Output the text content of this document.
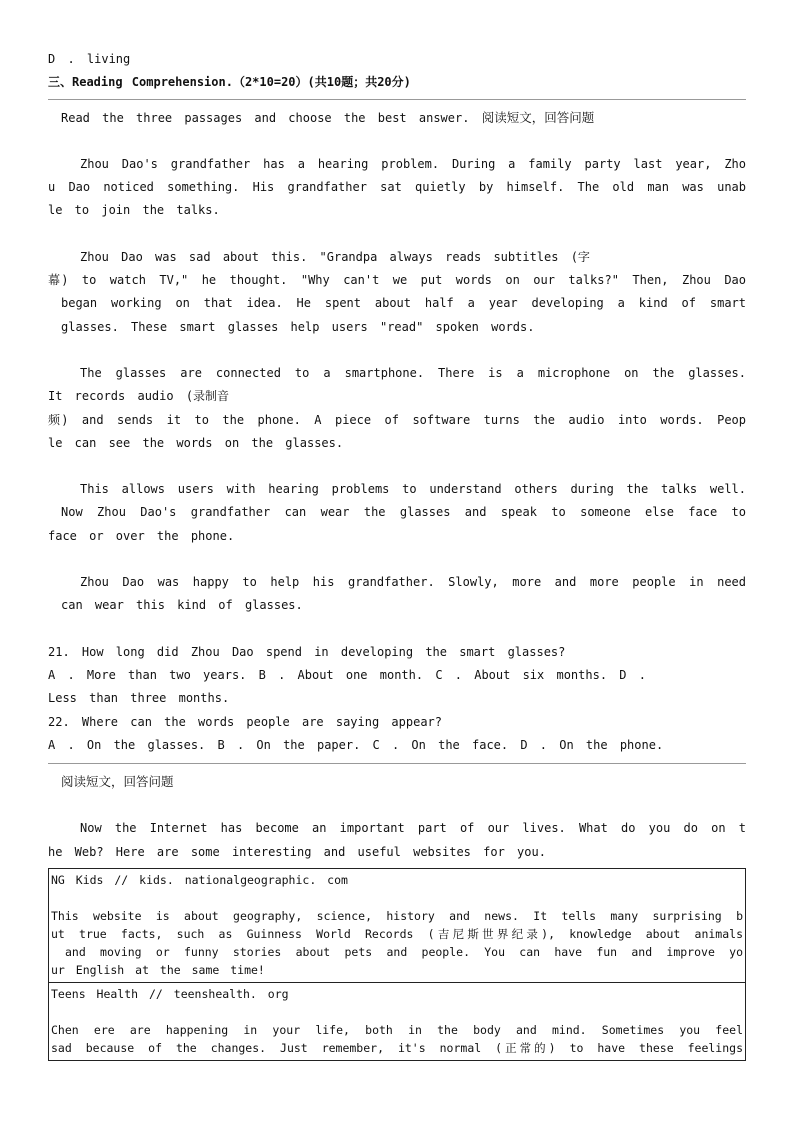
D . living
三、Reading Comprehension.（2*10=20）(共10题；共20分)
Read the three passages and choose the best answer. 阅读短文，回答问题
Zhou Dao's grandfather has a hearing problem. During a family party last year, Zho
u Dao noticed something. His grandfather sat quietly by himself. The old man was unab
le to join the talks.
Zhou Dao was sad about this. "Grandpa always reads subtitles (字
幕) to watch TV," he thought. "Why can't we put words on our talks?" Then, Zhou Dao
began working on that idea. He spent about half a year developing a kind of smart
glasses. These smart glasses help users "read" spoken words.
The glasses are connected to a smartphone. There is a microphone on the glasses.
It records audio (录制音
频) and sends it to the phone. A piece of software turns the audio into words. Peop
le can see the words on the glasses.
This allows users with hearing problems to understand others during the talks well.
Now Zhou Dao's grandfather can wear the glasses and speak to someone else face to
face or over the phone.
Zhou Dao was happy to help his grandfather. Slowly, more and more people in need
can wear this kind of glasses.
21. How long did Zhou Dao spend in developing the smart glasses?
A . More than two years. B . About one month. C . About six months. D .
Less than three months.
22. Where can the words people are saying appear?
A . On the glasses. B . On the paper. C . On the face. D . On the phone.
阅读短文，回答问题
Now the Internet has become an important part of our lives. What do you do on t
he Web? Here are some interesting and useful websites for you.
NG Kids // kids. nationalgeographic. com
This website is about geography, science, history and news. It tells many surprising b
ut true facts, such as Guinness World Records (吉尼斯世界纪录), knowledge about animals
and moving or funny stories about pets and people. You can have fun and improve yo
ur English at the same time!

Teens Health // teenshealth. org
Chen ere are happening in your life, both in the body and mind. Sometimes you feel
sad because of the changes. Just remember, it's normal (正常的) to have these feelings
